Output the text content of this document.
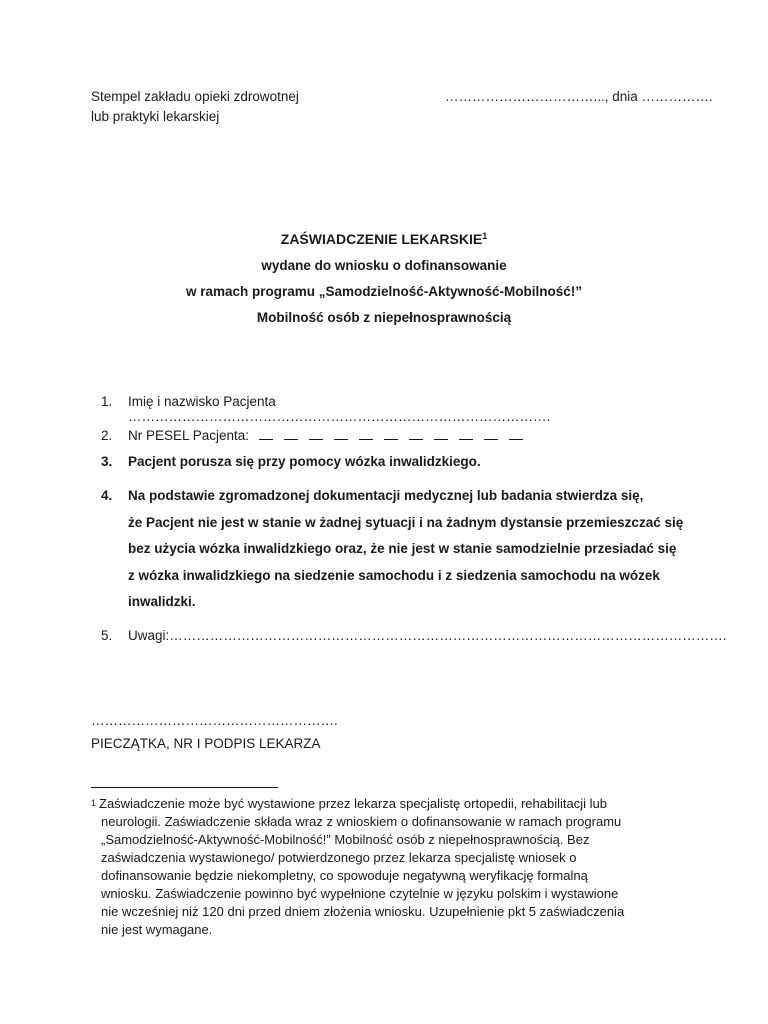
Stempel zakładu opieki zdrowotnej
lub praktyki lekarskiej
……………………………..., dnia …………….
ZAŚWIADCZENIE LEKARSKIE$^1$
wydane do wniosku o dofinansowanie
w ramach programu „Samodzielność-Aktywność-Mobilność!”
Mobilność osób z niepełnosprawnością
1. Imię i nazwisko Pacjenta ………………………………………………………………………………….
2. Nr PESEL Pacjenta:
3. Pacjent porusza się przy pomocy wózka inwalidzkiego.
4. Na podstawie zgromadzonej dokumentacji medycznej lub badania stwierdza się,
że Pacjent nie jest w stanie w żadnej sytuacji i na żadnym dystansie przemieszczać się
bez użycia wózka inwalidzkiego oraz, że nie jest w stanie samodzielnie przesiadać się
z wózka inwalidzkiego na siedzenie samochodu i z siedzenia samochodu na wózek
inwalidzki.
5. Uwagi:…………………………………………………………………………………………………………….
……………………………………………….
PIECZĄTKA, NR I PODPIS LEKARZA
$^1$ Zaświadczenie może być wystawione przez lekarza specjalistę ortopedii, rehabilitacji lub
neurologii. Zaświadczenie składa wraz z wnioskiem o dofinansowanie w ramach programu
„Samodzielność-Aktywność-Mobilność!” Mobilność osób z niepełnosprawnością. Bez
zaświadczenia wystawionego/ potwierdzonego przez lekarza specjalistę wniosek o
dofinansowanie będzie niekompletny, co spowoduje negatywną weryfikację formalną
wniosku. Zaświadczenie powinno być wypełnione czytelnie w języku polskim i wystawione
nie wcześniej niż 120 dni przed dniem złożenia wniosku. Uzupełnienie pkt 5 zaświadczenia
nie jest wymagane.
